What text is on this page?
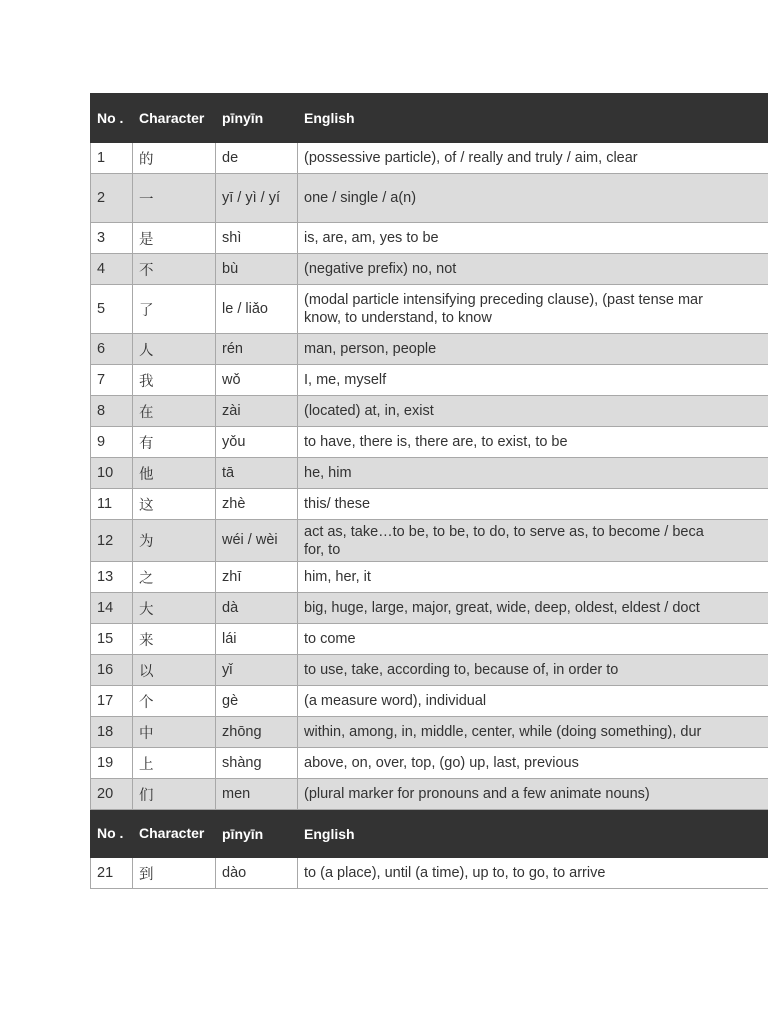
No .	Character	pīnyīn	English
1	的	de	(possessive particle), of / really and truly / aim, clear
2	一	yī / yì / yí	one / single / a(n)
3	是	shì	is, are, am, yes to be
4	不	bù	(negative prefix) no, not
5	了	le / liǎo	(modal particle intensifying preceding clause), (past tense mar
know, to understand, to know

6	人	rén	man, person, people
7	我	wǒ	I, me, myself
8	在	zài	(located) at, in, exist
9	有	yǒu	to have, there is, there are, to exist, to be
10	他	tā	he, him
11	这	zhè	this/ these
12	为	wéi / wèi	act as, take…to be, to be, to do, to serve as, to become / beca
for, to

13	之	zhī	him, her, it
14	大	dà	big, huge, large, major, great, wide, deep, oldest, eldest / doct
15	来	lái	to come
16	以	yǐ	to use, take, according to, because of, in order to
17	个	gè	(a measure word), individual
18	中	zhōng	within, among, in, middle, center, while (doing something), dur
19	上	shàng	above, on, over, top, (go) up, last, previous
20	们	men	(plural marker for pronouns and a few animate nouns)
No .	Character	pīnyīn	English
21	到	dào	to (a place), until (a time), up to, to go, to arrive
